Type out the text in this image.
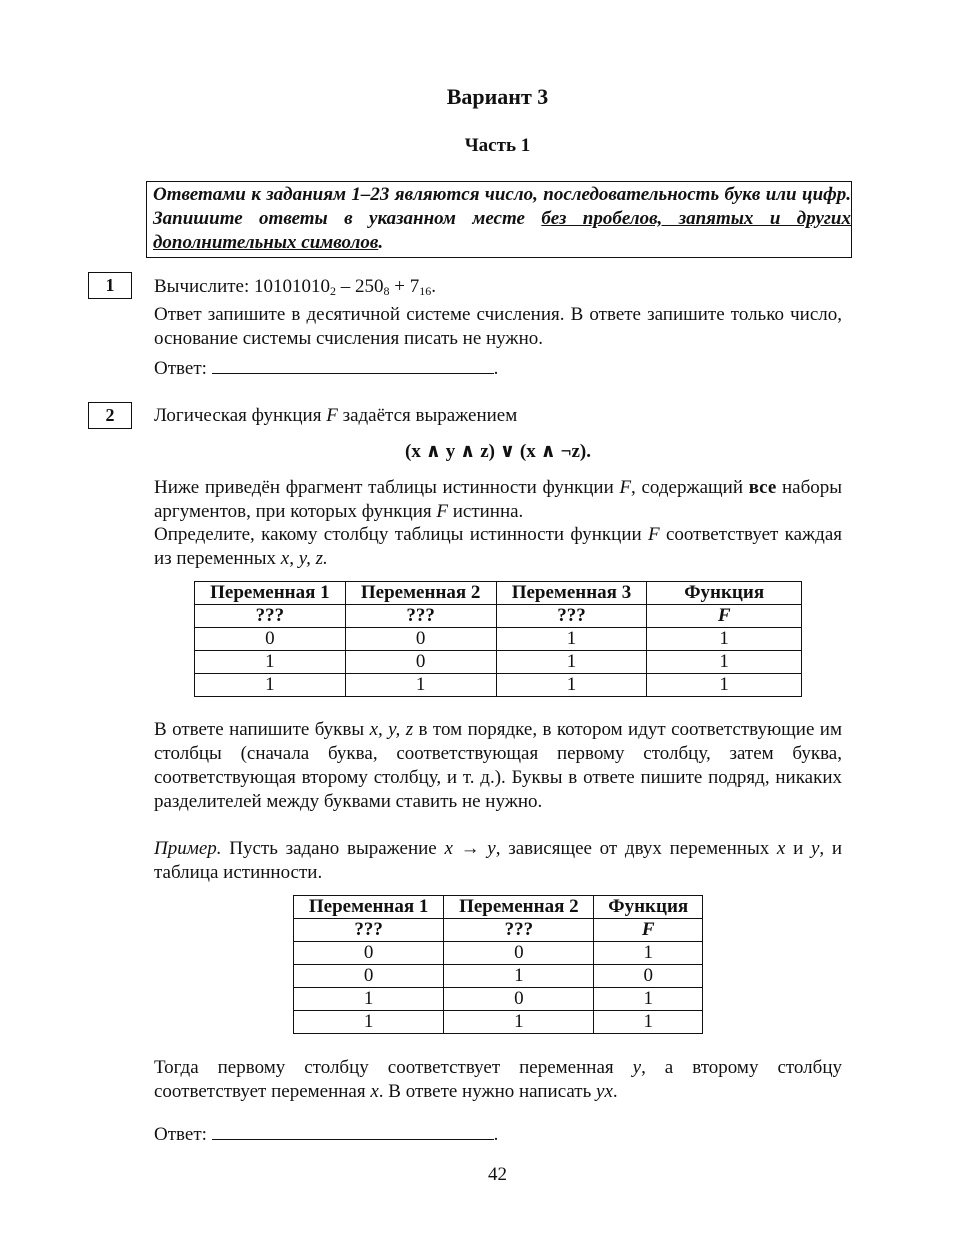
Вариант 3
Часть 1
Ответами к заданиям 1–23 являются число, последовательность букв или цифр. Запишите ответы в указанном месте без пробелов, запятых и других дополнительных символов.
1	Вычислите: $10101010_2 - 250_8 + 7_{16}$.
Ответ запишите в десятичной системе счисления. В ответе запишите только число, основание системы счисления писать не нужно.
Ответ:	.
2	Логическая функция F задаётся выражением
(x ∧ y ∧ z) ∨ (x ∧ ¬z).
Ниже приведён фрагмент таблицы истинности функции F, содержащий все наборы аргументов, при которых функция F истинна.
Определите, какому столбцу таблицы истинности функции F соответствует каждая из переменных x, y, z.
Переменная 1	Переменная 2	Переменная 3	Функция
???	???	???	F
0	0	1	1
1	0	1	1
1	1	1	1
В ответе напишите буквы x, y, z в том порядке, в котором идут соответствующие им столбцы (сначала буква, соответствующая первому столбцу, затем буква, соответствующая второму столбцу, и т. д.). Буквы в ответе пишите подряд, никаких разделителей между буквами ставить не нужно.
Пример. Пусть задано выражение x → y, зависящее от двух переменных x и y, и таблица истинности.
Переменная 1	Переменная 2	Функция
???	???	F
0	0	1
0	1	0
1	0	1
1	1	1
Тогда первому столбцу соответствует переменная y, а второму столбцу соответствует переменная x. В ответе нужно написать yx.
Ответ:	.
42
